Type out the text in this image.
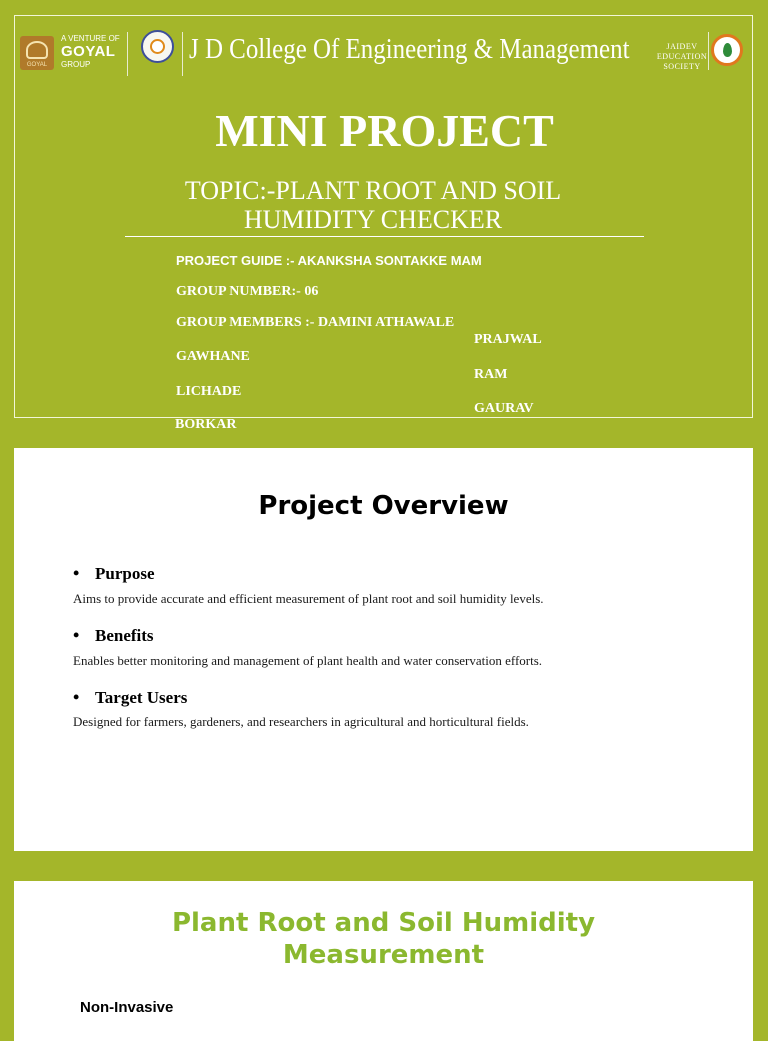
GOYAL
A VENTURE OF
GOYAL
GROUP
	J D College Of Engineering & Management	JAIDEV
EDUCATION
SOCIETY

MINI PROJECT
TOPIC:-PLANT ROOT AND SOIL
HUMIDITY CHECKER
PROJECT GUIDE :- AKANKSHA SONTAKKE MAM
GROUP NUMBER:- 06
GROUP MEMBERS :- DAMINI ATHAWALE
PRAJWAL
GAWHANE
RAM
LICHADE
GAURAV
BORKAR
Project Overview
• Purpose
Aims to provide accurate and efficient measurement of plant root and soil humidity levels.
• Benefits
Enables better monitoring and management of plant health and water conservation efforts.
• Target Users
Designed for farmers, gardeners, and researchers in agricultural and horticultural fields.
Plant Root and Soil Humidity
Measurement
Non-Invasive
